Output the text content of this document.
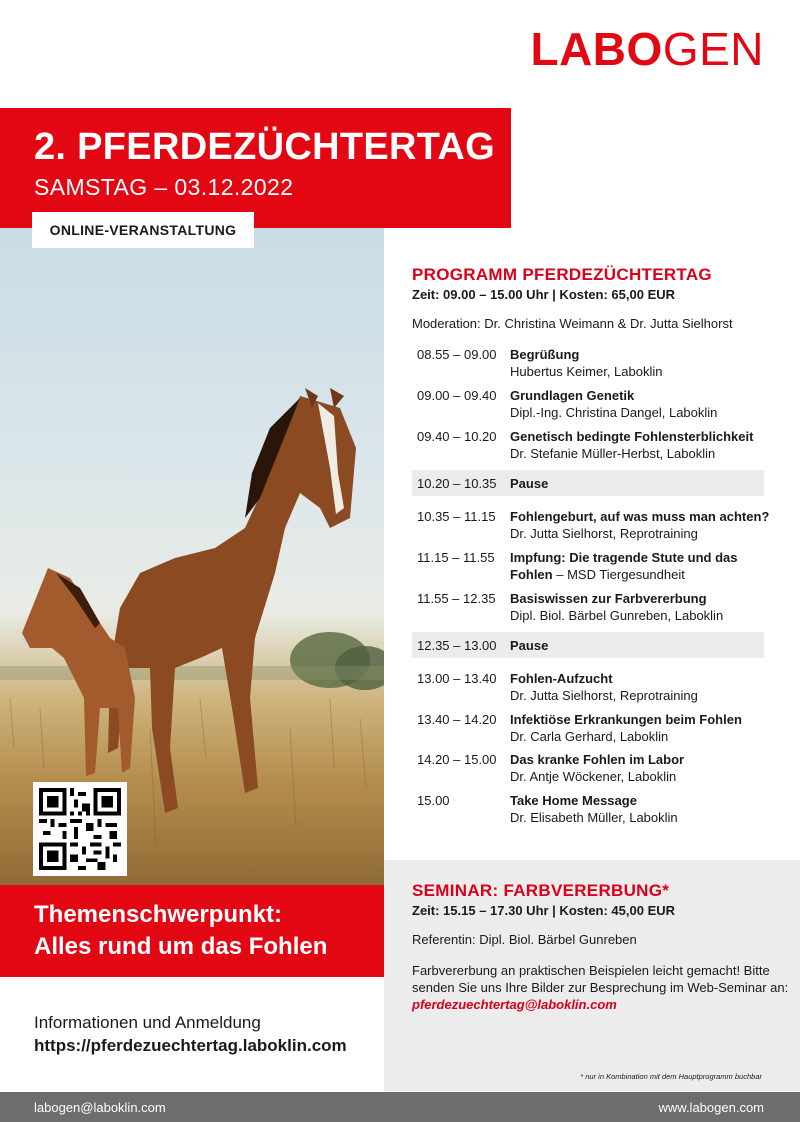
LABOGEN
2. PFERDEZÜCHTERTAG
SAMSTAG – 03.12.2022
ONLINE-VERANSTALTUNG
Themenschwerpunkt:
Alles rund um das Fohlen
Informationen und Anmeldung
https://pferdezuechtertag.laboklin.com
PROGRAMM PFERDEZÜCHTERTAG
Zeit: 09.00 – 15.00 Uhr | Kosten: 65,00 EUR
Moderation: Dr. Christina Weimann & Dr. Jutta Sielhorst
08.55 – 09.00 Begrüßung
Hubertus Keimer, Laboklin
09.00 – 09.40 Grundlagen Genetik
Dipl.-Ing. Christina Dangel, Laboklin
09.40 – 10.20 Genetisch bedingte Fohlensterblichkeit
Dr. Stefanie Müller-Herbst, Laboklin
10.20 – 10.35 Pause
10.35 – 11.15 Fohlengeburt, auf was muss man achten?
Dr. Jutta Sielhorst, Reprotraining
11.15 – 11.55 Impfung: Die tragende Stute und das
Fohlen – MSD Tiergesundheit
11.55 – 12.35 Basiswissen zur Farbvererbung
Dipl. Biol. Bärbel Gunreben, Laboklin
12.35 – 13.00 Pause
13.00 – 13.40 Fohlen-Aufzucht
Dr. Jutta Sielhorst, Reprotraining
13.40 – 14.20 Infektiöse Erkrankungen beim Fohlen
Dr. Carla Gerhard, Laboklin
14.20 – 15.00 Das kranke Fohlen im Labor
Dr. Antje Wöckener, Laboklin
15.00	Take Home Message
Dr. Elisabeth Müller, Laboklin
SEMINAR: FARBVERERBUNG*
Zeit: 15.15 – 17.30 Uhr | Kosten: 45,00 EUR
Referentin: Dipl. Biol. Bärbel Gunreben
Farbvererbung an praktischen Beispielen leicht gemacht! Bitte senden Sie uns Ihre Bilder zur Besprechung im Web-Seminar an: pferdezuechtertag@laboklin.com
* nur in Kombination mit dem Hauptprogramm buchbar
labogen@laboklin.com	www.labogen.com
